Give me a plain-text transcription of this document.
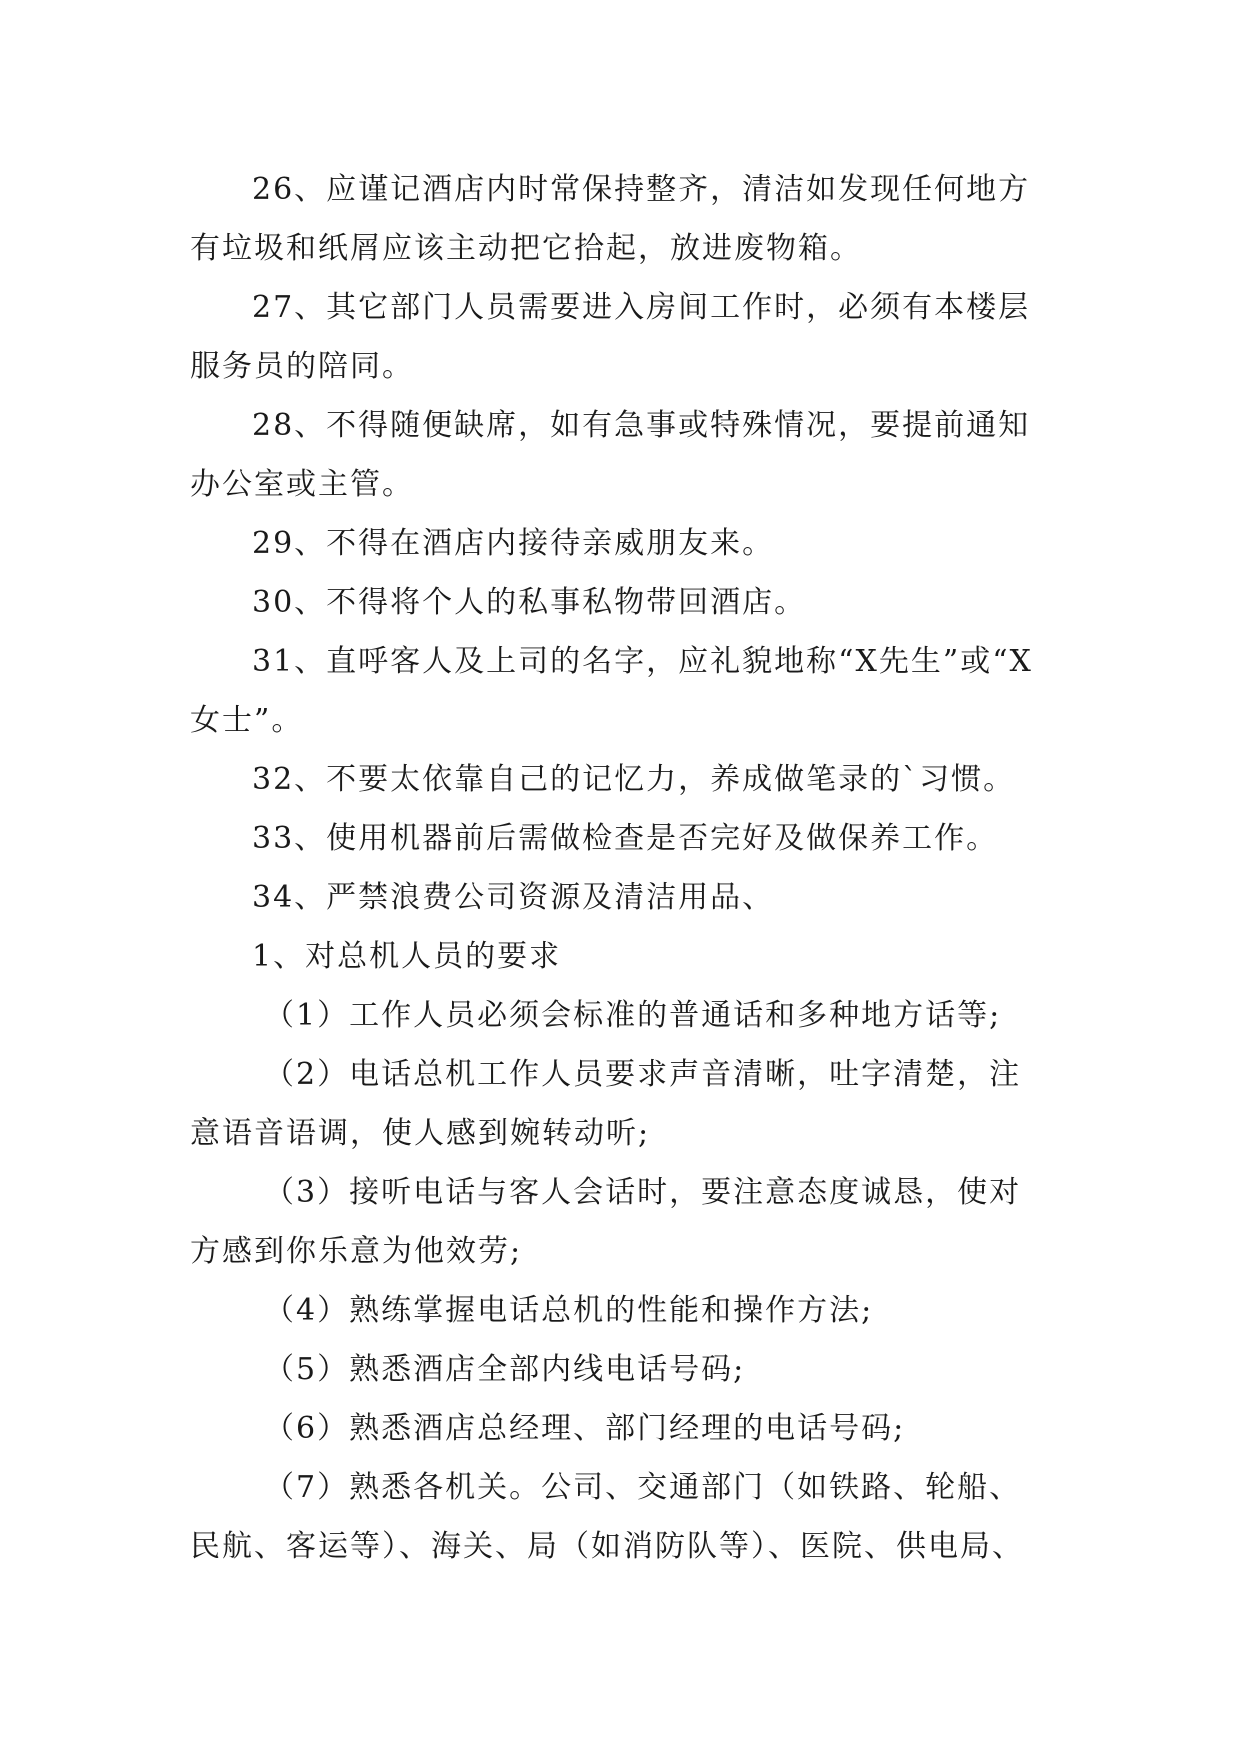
26、应谨记酒店内时常保持整齐，清洁如发现任何地方有垃圾和纸屑应该主动把它拾起，放进废物箱。

27、其它部门人员需要进入房间工作时，必须有本楼层服务员的陪同。

28、不得随便缺席，如有急事或特殊情况，要提前通知办公室或主管。

29、不得在酒店内接待亲威朋友来。

30、不得将个人的私事私物带回酒店。

31、直呼客人及上司的名字，应礼貌地称“X先生”或“X女士”。

32、不要太依靠自己的记忆力，养成做笔录的`习惯。

33、使用机器前后需做检查是否完好及做保养工作。

34、严禁浪费公司资源及清洁用品、

1、对总机人员的要求

（1）工作人员必须会标准的普通话和多种地方话等;

（2）电话总机工作人员要求声音清晰，吐字清楚，注意语音语调，使人感到婉转动听;

（3）接听电话与客人会话时，要注意态度诚恳，使对方感到你乐意为他效劳;

（4）熟练掌握电话总机的性能和操作方法;

（5）熟悉酒店全部内线电话号码;

（6）熟悉酒店总经理、部门经理的电话号码;

（7）熟悉各机关。公司、交通部门（如铁路、轮船、民航、客运等）、海关、局（如消防队等）、医院、供电局、
